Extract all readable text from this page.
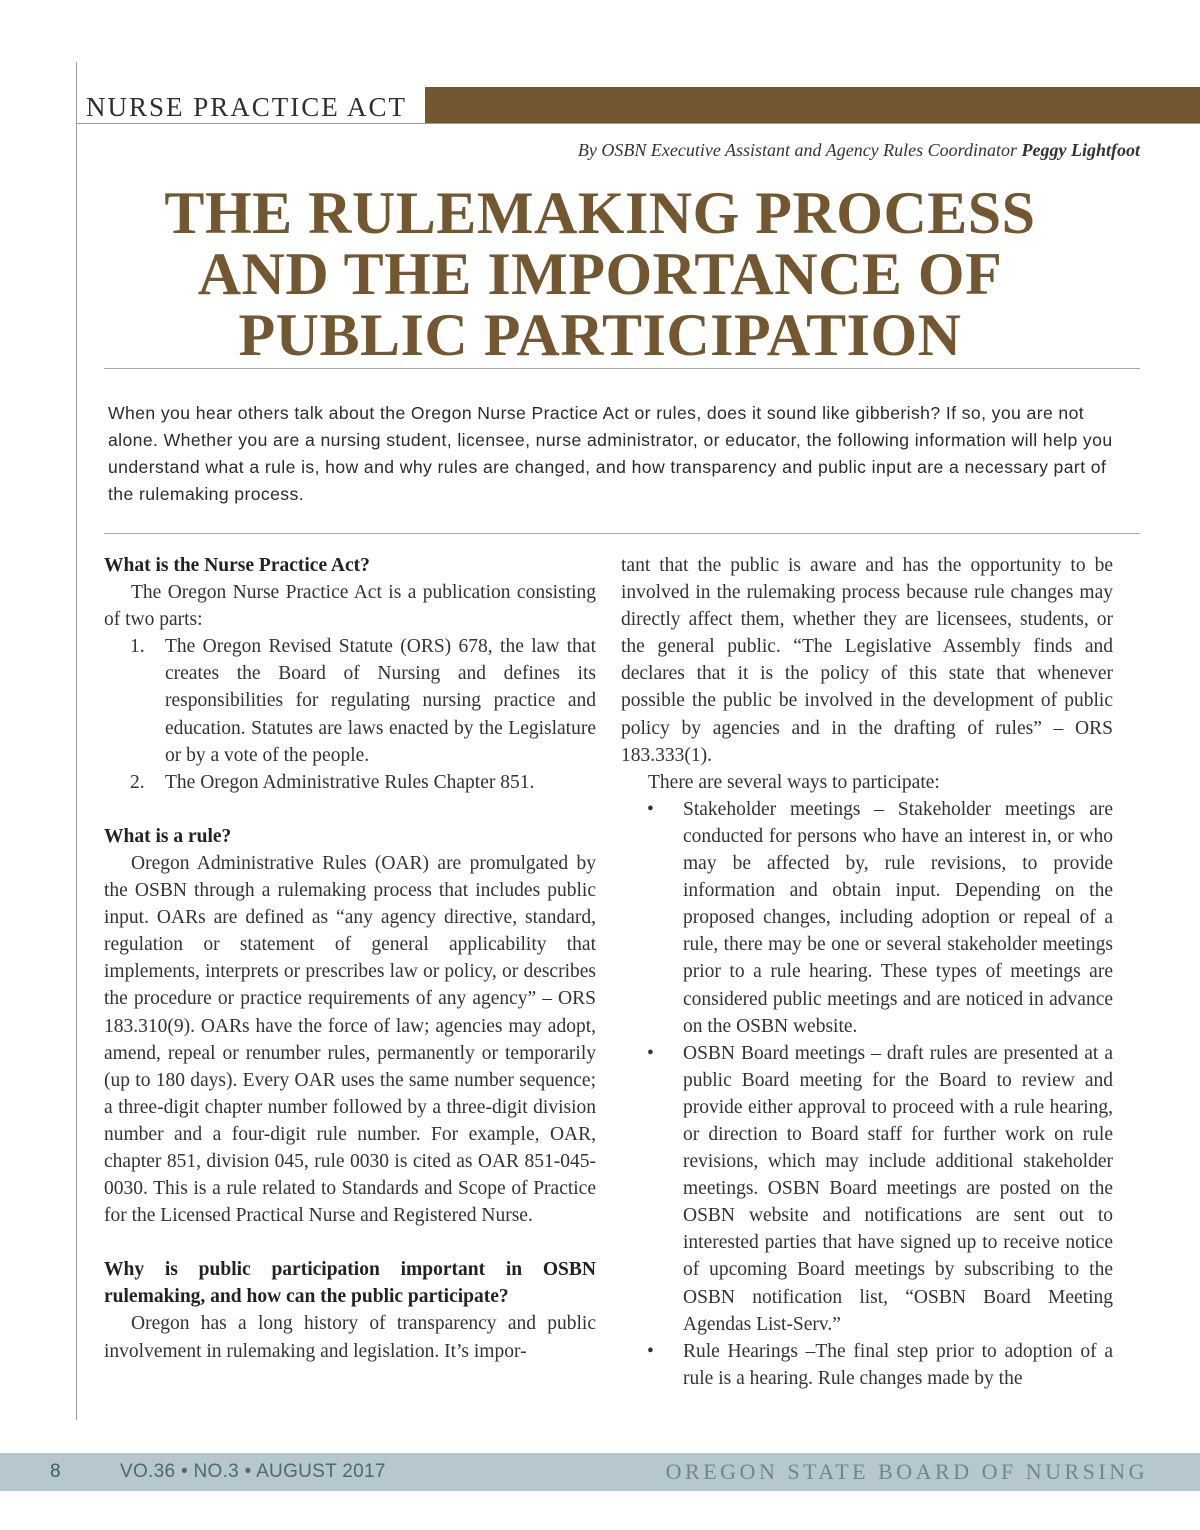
NURSE PRACTICE ACT
By OSBN Executive Assistant and Agency Rules Coordinator Peggy Lightfoot
THE RULEMAKING PROCESS
AND THE IMPORTANCE OF
PUBLIC PARTICIPATION
When you hear others talk about the Oregon Nurse Practice Act or rules, does it sound like gibberish? If so, you are not alone. Whether you are a nursing student, licensee, nurse administrator, or educator, the following information will help you understand what a rule is, how and why rules are changed, and how transparency and public input are a necessary part of the rulemaking process.
What is the Nurse Practice Act?

The Oregon Nurse Practice Act is a publication consisting of two parts:

1. The Oregon Revised Statute (ORS) 678, the law that creates the Board of Nursing and defines its responsibilities for regulating nursing practice and education. Statutes are laws enacted by the Legislature or by a vote of the people.
2. The Oregon Administrative Rules Chapter 851.
What is a rule?

Oregon Administrative Rules (OAR) are promulgated by the OSBN through a rulemaking process that includes public input. OARs are defined as “any agency directive, standard, regulation or statement of general applicability that implements, interprets or prescribes law or policy, or describes the procedure or practice requirements of any agency” – ORS 183.310(9). OARs have the force of law; agencies may adopt, amend, repeal or renumber rules, permanently or temporarily (up to 180 days). Every OAR uses the same number sequence; a three-digit chapter number followed by a three-digit division number and a four-digit rule number. For example, OAR, chapter 851, division 045, rule 0030 is cited as OAR 851-045-0030. This is a rule related to Standards and Scope of Practice for the Licensed Practical Nurse and Registered Nurse.

Why is public participation important in OSBN rulemaking, and how can the public participate?

Oregon has a long history of transparency and public involvement in rulemaking and legislation. It’s impor-

tant that the public is aware and has the opportunity to be involved in the rulemaking process because rule changes may directly affect them, whether they are licensees, students, or the general public. “The Legislative Assembly finds and declares that it is the policy of this state that whenever possible the public be involved in the development of public policy by agencies and in the drafting of rules” – ORS 183.333(1).

There are several ways to participate:

• Stakeholder meetings – Stakeholder meetings are conducted for persons who have an interest in, or who may be affected by, rule revisions, to provide information and obtain input. Depending on the proposed changes, including adoption or repeal of a rule, there may be one or several stakeholder meetings prior to a rule hearing. These types of meetings are considered public meetings and are noticed in advance on the OSBN website.
• OSBN Board meetings – draft rules are presented at a public Board meeting for the Board to review and provide either approval to proceed with a rule hearing, or direction to Board staff for further work on rule revisions, which may include additional stakeholder meetings. OSBN Board meetings are posted on the OSBN website and notifications are sent out to interested parties that have signed up to receive notice of upcoming Board meetings by subscribing to the OSBN notification list, “OSBN Board Meeting Agendas List-Serv.”
• Rule Hearings –The final step prior to adoption of a rule is a hearing. Rule changes made by the
8	VO.36 • NO.3 • AUGUST 2017	OREGON STATE BOARD OF NURSING
